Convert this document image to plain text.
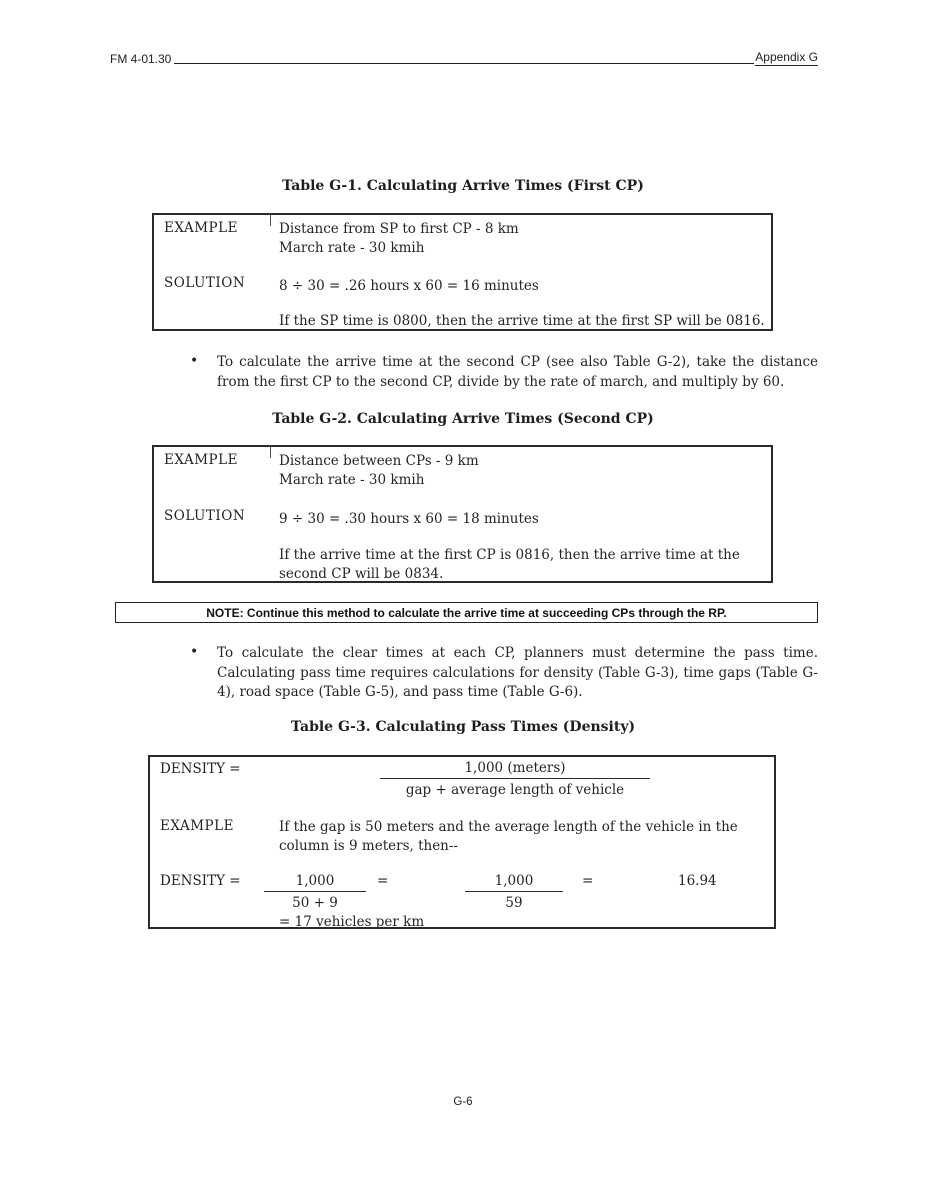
FM 4-01.30	Appendix G
Table G-1. Calculating Arrive Times (First CP)
EXAMPLE	Distance from SP to first CP - 8 km
March rate - 30 kmih
SOLUTION	8 ÷ 30 = .26 hours x 60 = 16 minutes
If the SP time is 0800, then the arrive time at the first SP will be 0816.
• To calculate the arrive time at the second CP (see also Table G-2), take the distance from the first CP to the second CP, divide by the rate of march, and multiply by 60.
Table G-2. Calculating Arrive Times (Second CP)
EXAMPLE	Distance between CPs - 9 km
March rate - 30 kmih
SOLUTION	9 ÷ 30 = .30 hours x 60 = 18 minutes
If the arrive time at the first CP is 0816, then the arrive time at the second CP will be 0834.
NOTE: Continue this method to calculate the arrive time at succeeding CPs through the RP.
• To calculate the clear times at each CP, planners must determine the pass time. Calculating pass time requires calculations for density (Table G-3), time gaps (Table G-4), road space (Table G-5), and pass time (Table G-6).
Table G-3. Calculating Pass Times (Density)
DENSITY =	1,000 (meters)
gap + average length of vehicle
EXAMPLE	If the gap is 50 meters and the average length of the vehicle in the column is 9 meters, then--
DENSITY = $\frac{1,000}{50 + 9}$ =	$\frac{1,000}{59}$ =	16.94
= 17 vehicles per km
G-6
